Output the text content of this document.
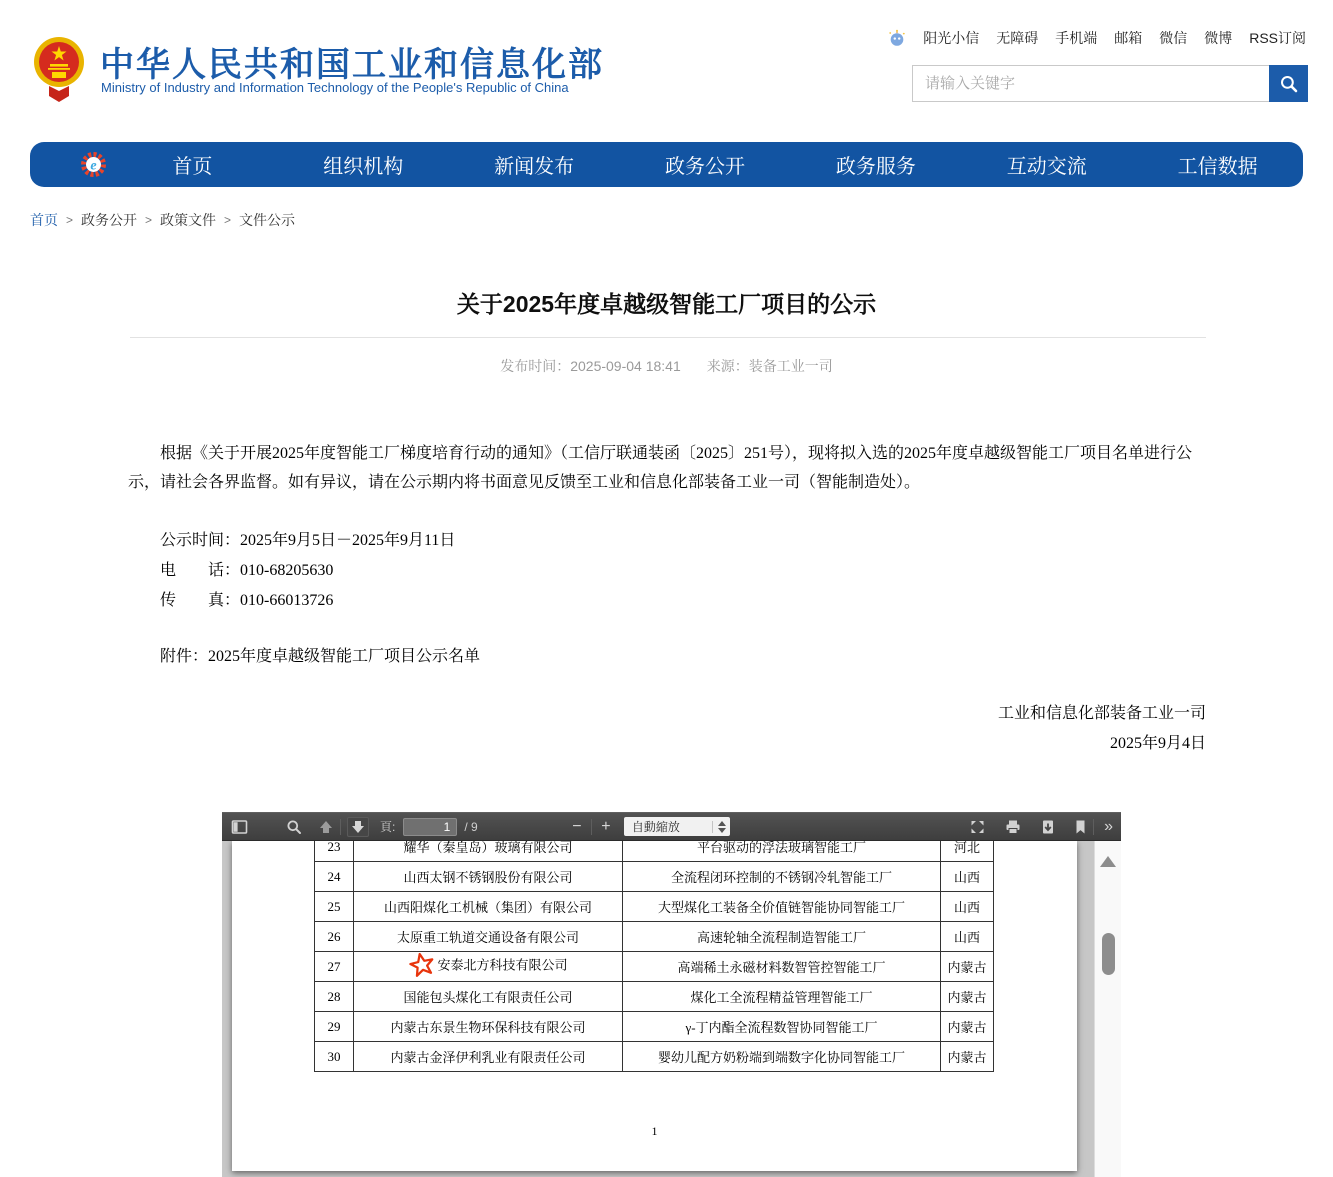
中华人民共和国工业和信息化部
Ministry of Industry and Information Technology of the People's Republic of China
阳光小信 无障碍 手机端 邮箱 微信 微博 RSS订阅
请输入关键字
e	首页	组织机构	新闻发布	政务公开	政务服务	互动交流	工信数据
首页 > 政务公开 > 政策文件 > 文件公示
关于2025年度卓越级智能工厂项目的公示
发布时间：2025-09-04 18:41 来源：装备工业一司
根据《关于开展2025年度智能工厂梯度培育行动的通知》（工信厅联通装函〔2025〕251号），现将拟入选的2025年度卓越级智能工厂项目名单进行公示，请社会各界监督。如有异议，请在公示期内将书面意见反馈至工业和信息化部装备工业一司（智能制造处）。
公示时间：2025年9月5日－2025年9月11日
电　　话：010-68205630
传　　真：010-66013726
附件：2025年度卓越级智能工厂项目公示名单
工业和信息化部装备工业一司
2025年9月4日
頁:
1	/ 9	− + 自動縮放	»
23	耀华（秦皇岛）玻璃有限公司	平台驱动的浮法玻璃智能工厂	河北
24	山西太钢不锈钢股份有限公司	全流程闭环控制的不锈钢冷轧智能工厂	山西
25	山西阳煤化工机械（集团）有限公司	大型煤化工装备全价值链智能协同智能工厂	山西
26	太原重工轨道交通设备有限公司	高速轮轴全流程制造智能工厂	山西
27	安泰北方科技有限公司	高端稀土永磁材料数智管控智能工厂	内蒙古
28	国能包头煤化工有限责任公司	煤化工全流程精益管理智能工厂	内蒙古
29	内蒙古东景生物环保科技有限公司	γ-丁内酯全流程数智协同智能工厂	内蒙古
30	内蒙古金泽伊利乳业有限责任公司	婴幼儿配方奶粉端到端数字化协同智能工厂	内蒙古
1
